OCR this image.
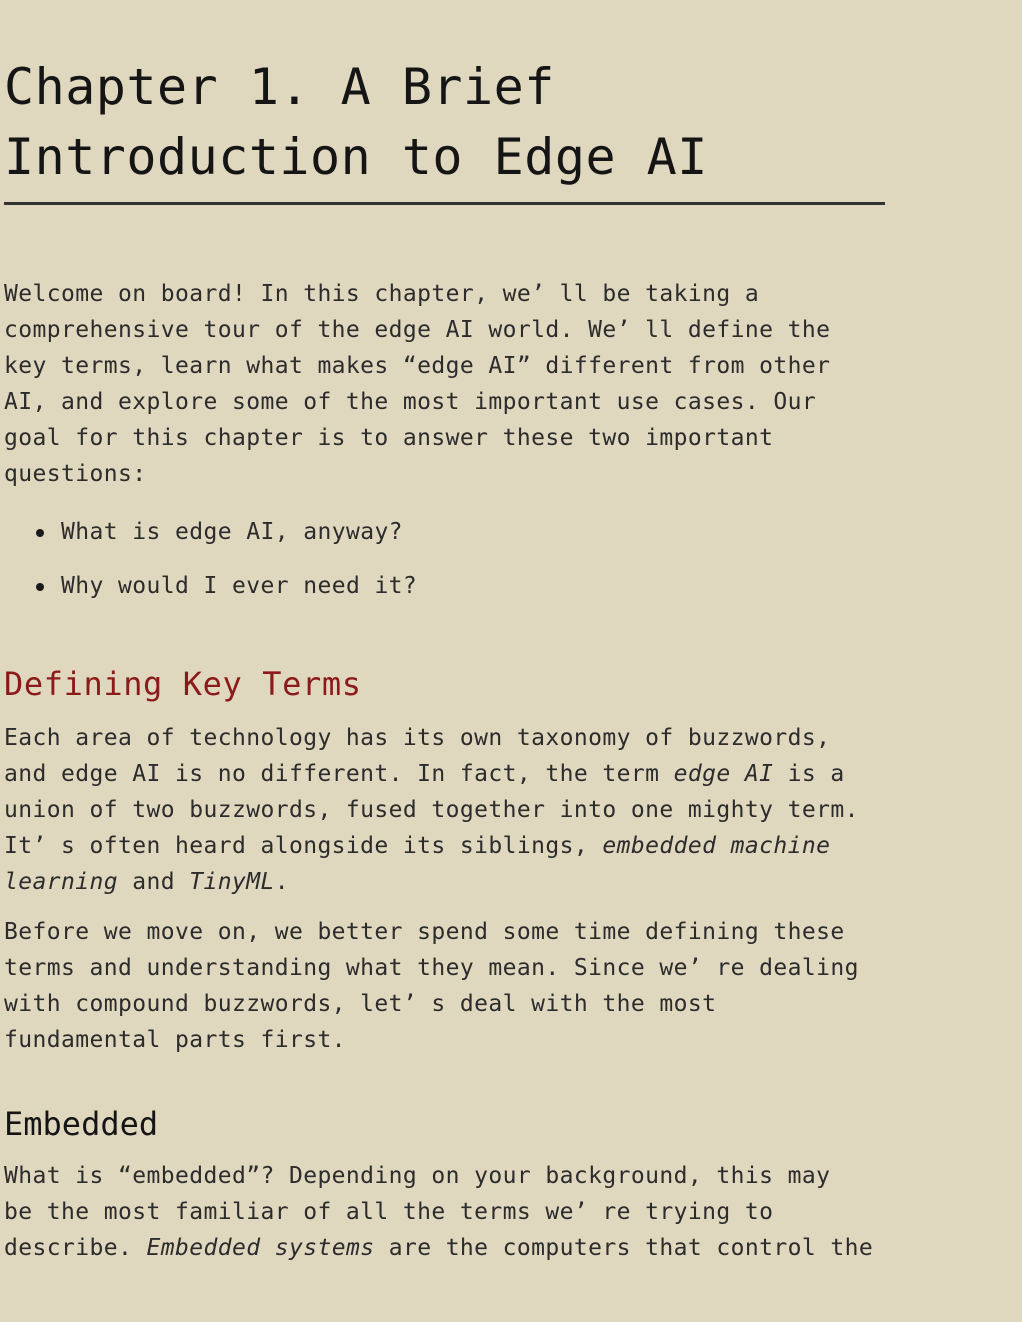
Chapter 1. A Brief
Introduction to Edge AI

Welcome on board! In this chapter, we’ ll be taking a
comprehensive tour of the edge AI world. We’ ll define the
key terms, learn what makes “edge AI” different from other
AI, and explore some of the most important use cases. Our
goal for this chapter is to answer these two important
questions:

What is edge AI, anyway?
Why would I ever need it?
Defining Key Terms

Each area of technology has its own taxonomy of buzzwords,
and edge AI is no different. In fact, the term edge AI is a
union of two buzzwords, fused together into one mighty term.
It’ s often heard alongside its siblings, embedded machine
learning and TinyML.

Before we move on, we better spend some time defining these
terms and understanding what they mean. Since we’ re dealing
with compound buzzwords, let’ s deal with the most
fundamental parts first.

Embedded

What is “embedded”? Depending on your background, this may
be the most familiar of all the terms we’ re trying to
describe. Embedded systems are the computers that control the
